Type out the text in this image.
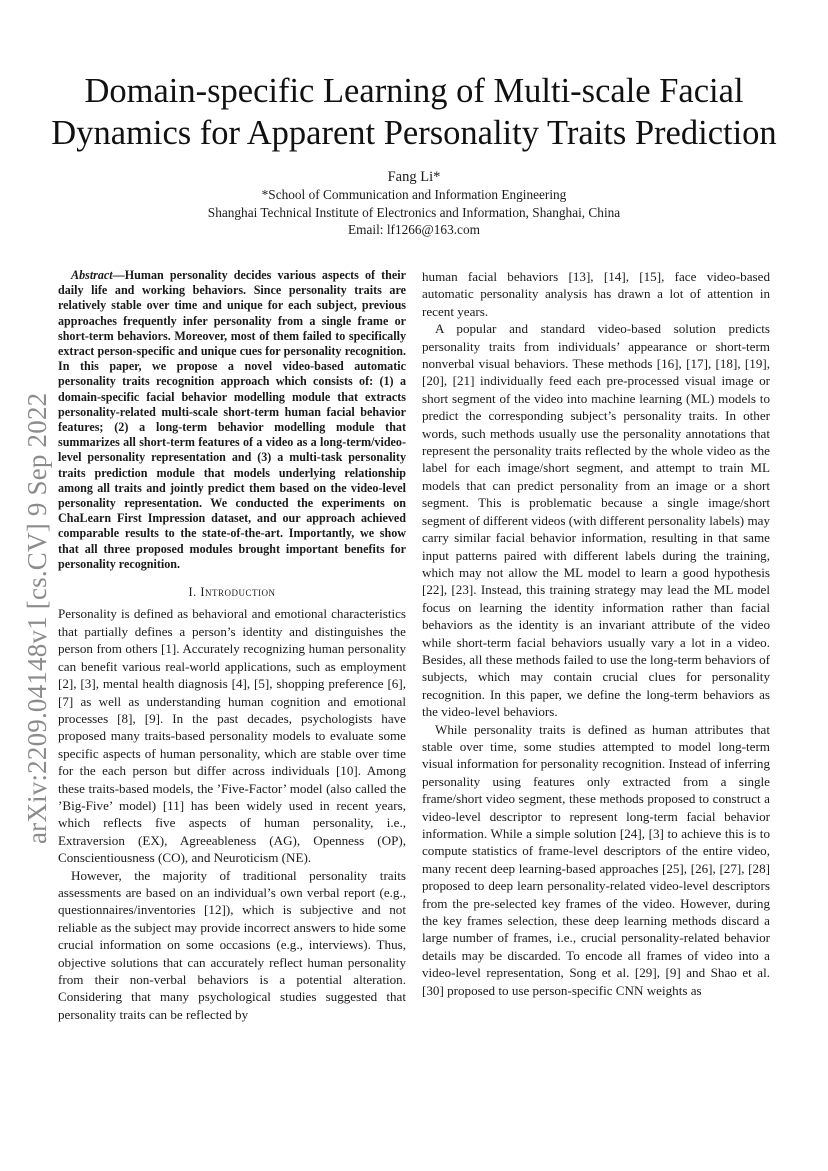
arXiv:2209.04148v1 [cs.CV] 9 Sep 2022
Domain-specific Learning of Multi-scale Facial
Dynamics for Apparent Personality Traits Prediction
Fang Li*
*School of Communication and Information Engineering
Shanghai Technical Institute of Electronics and Information, Shanghai, China
Email: lf1266@163.com

Abstract—Human personality decides various aspects of their daily life and working behaviors. Since personality traits are relatively stable over time and unique for each subject, previous approaches frequently infer personality from a single frame or short-term behaviors. Moreover, most of them failed to specifically extract person-specific and unique cues for personality recognition. In this paper, we propose a novel video-based automatic personality traits recognition approach which consists of: (1) a domain-specific facial behavior modelling module that extracts personality-related multi-scale short-term human facial behavior features; (2) a long-term behavior modelling module that summarizes all short-term features of a video as a long-term/video-level personality representation and (3) a multi-task personality traits prediction module that models underlying relationship among all traits and jointly predict them based on the video-level personality representation. We conducted the experiments on ChaLearn First Impression dataset, and our approach achieved comparable results to the state-of-the-art. Importantly, we show that all three proposed modules brought important benefits for personality recognition.

I. Introduction

Personality is defined as behavioral and emotional characteristics that partially defines a person’s identity and distinguishes the person from others [1]. Accurately recognizing human personality can benefit various real-world applications, such as employment [2], [3], mental health diagnosis [4], [5], shopping preference [6], [7] as well as understanding human cognition and emotional processes [8], [9]. In the past decades, psychologists have proposed many traits-based personality models to evaluate some specific aspects of human personality, which are stable over time for the each person but differ across individuals [10]. Among these traits-based models, the ’Five-Factor’ model (also called the ’Big-Five’ model) [11] has been widely used in recent years, which reflects five aspects of human personality, i.e., Extraversion (EX), Agreeableness (AG), Openness (OP), Conscientiousness (CO), and Neuroticism (NE).

However, the majority of traditional personality traits assessments are based on an individual’s own verbal report (e.g., questionnaires/inventories [12]), which is subjective and not reliable as the subject may provide incorrect answers to hide some crucial information on some occasions (e.g., interviews). Thus, objective solutions that can accurately reflect human personality from their non-verbal behaviors is a potential alteration. Considering that many psychological studies suggested that personality traits can be reflected by

human facial behaviors [13], [14], [15], face video-based automatic personality analysis has drawn a lot of attention in recent years.

A popular and standard video-based solution predicts personality traits from individuals’ appearance or short-term nonverbal visual behaviors. These methods [16], [17], [18], [19], [20], [21] individually feed each pre-processed visual image or short segment of the video into machine learning (ML) models to predict the corresponding subject’s personality traits. In other words, such methods usually use the personality annotations that represent the personality traits reflected by the whole video as the label for each image/short segment, and attempt to train ML models that can predict personality from an image or a short segment. This is problematic because a single image/short segment of different videos (with different personality labels) may carry similar facial behavior information, resulting in that same input patterns paired with different labels during the training, which may not allow the ML model to learn a good hypothesis [22], [23]. Instead, this training strategy may lead the ML model focus on learning the identity information rather than facial behaviors as the identity is an invariant attribute of the video while short-term facial behaviors usually vary a lot in a video. Besides, all these methods failed to use the long-term behaviors of subjects, which may contain crucial clues for personality recognition. In this paper, we define the long-term behaviors as the video-level behaviors.

While personality traits is defined as human attributes that stable over time, some studies attempted to model long-term visual information for personality recognition. Instead of inferring personality using features only extracted from a single frame/short video segment, these methods proposed to construct a video-level descriptor to represent long-term facial behavior information. While a simple solution [24], [3] to achieve this is to compute statistics of frame-level descriptors of the entire video, many recent deep learning-based approaches [25], [26], [27], [28] proposed to deep learn personality-related video-level descriptors from the pre-selected key frames of the video. However, during the key frames selection, these deep learning methods discard a large number of frames, i.e., crucial personality-related behavior details may be discarded. To encode all frames of video into a video-level representation, Song et al. [29], [9] and Shao et al. [30] proposed to use person-specific CNN weights as
